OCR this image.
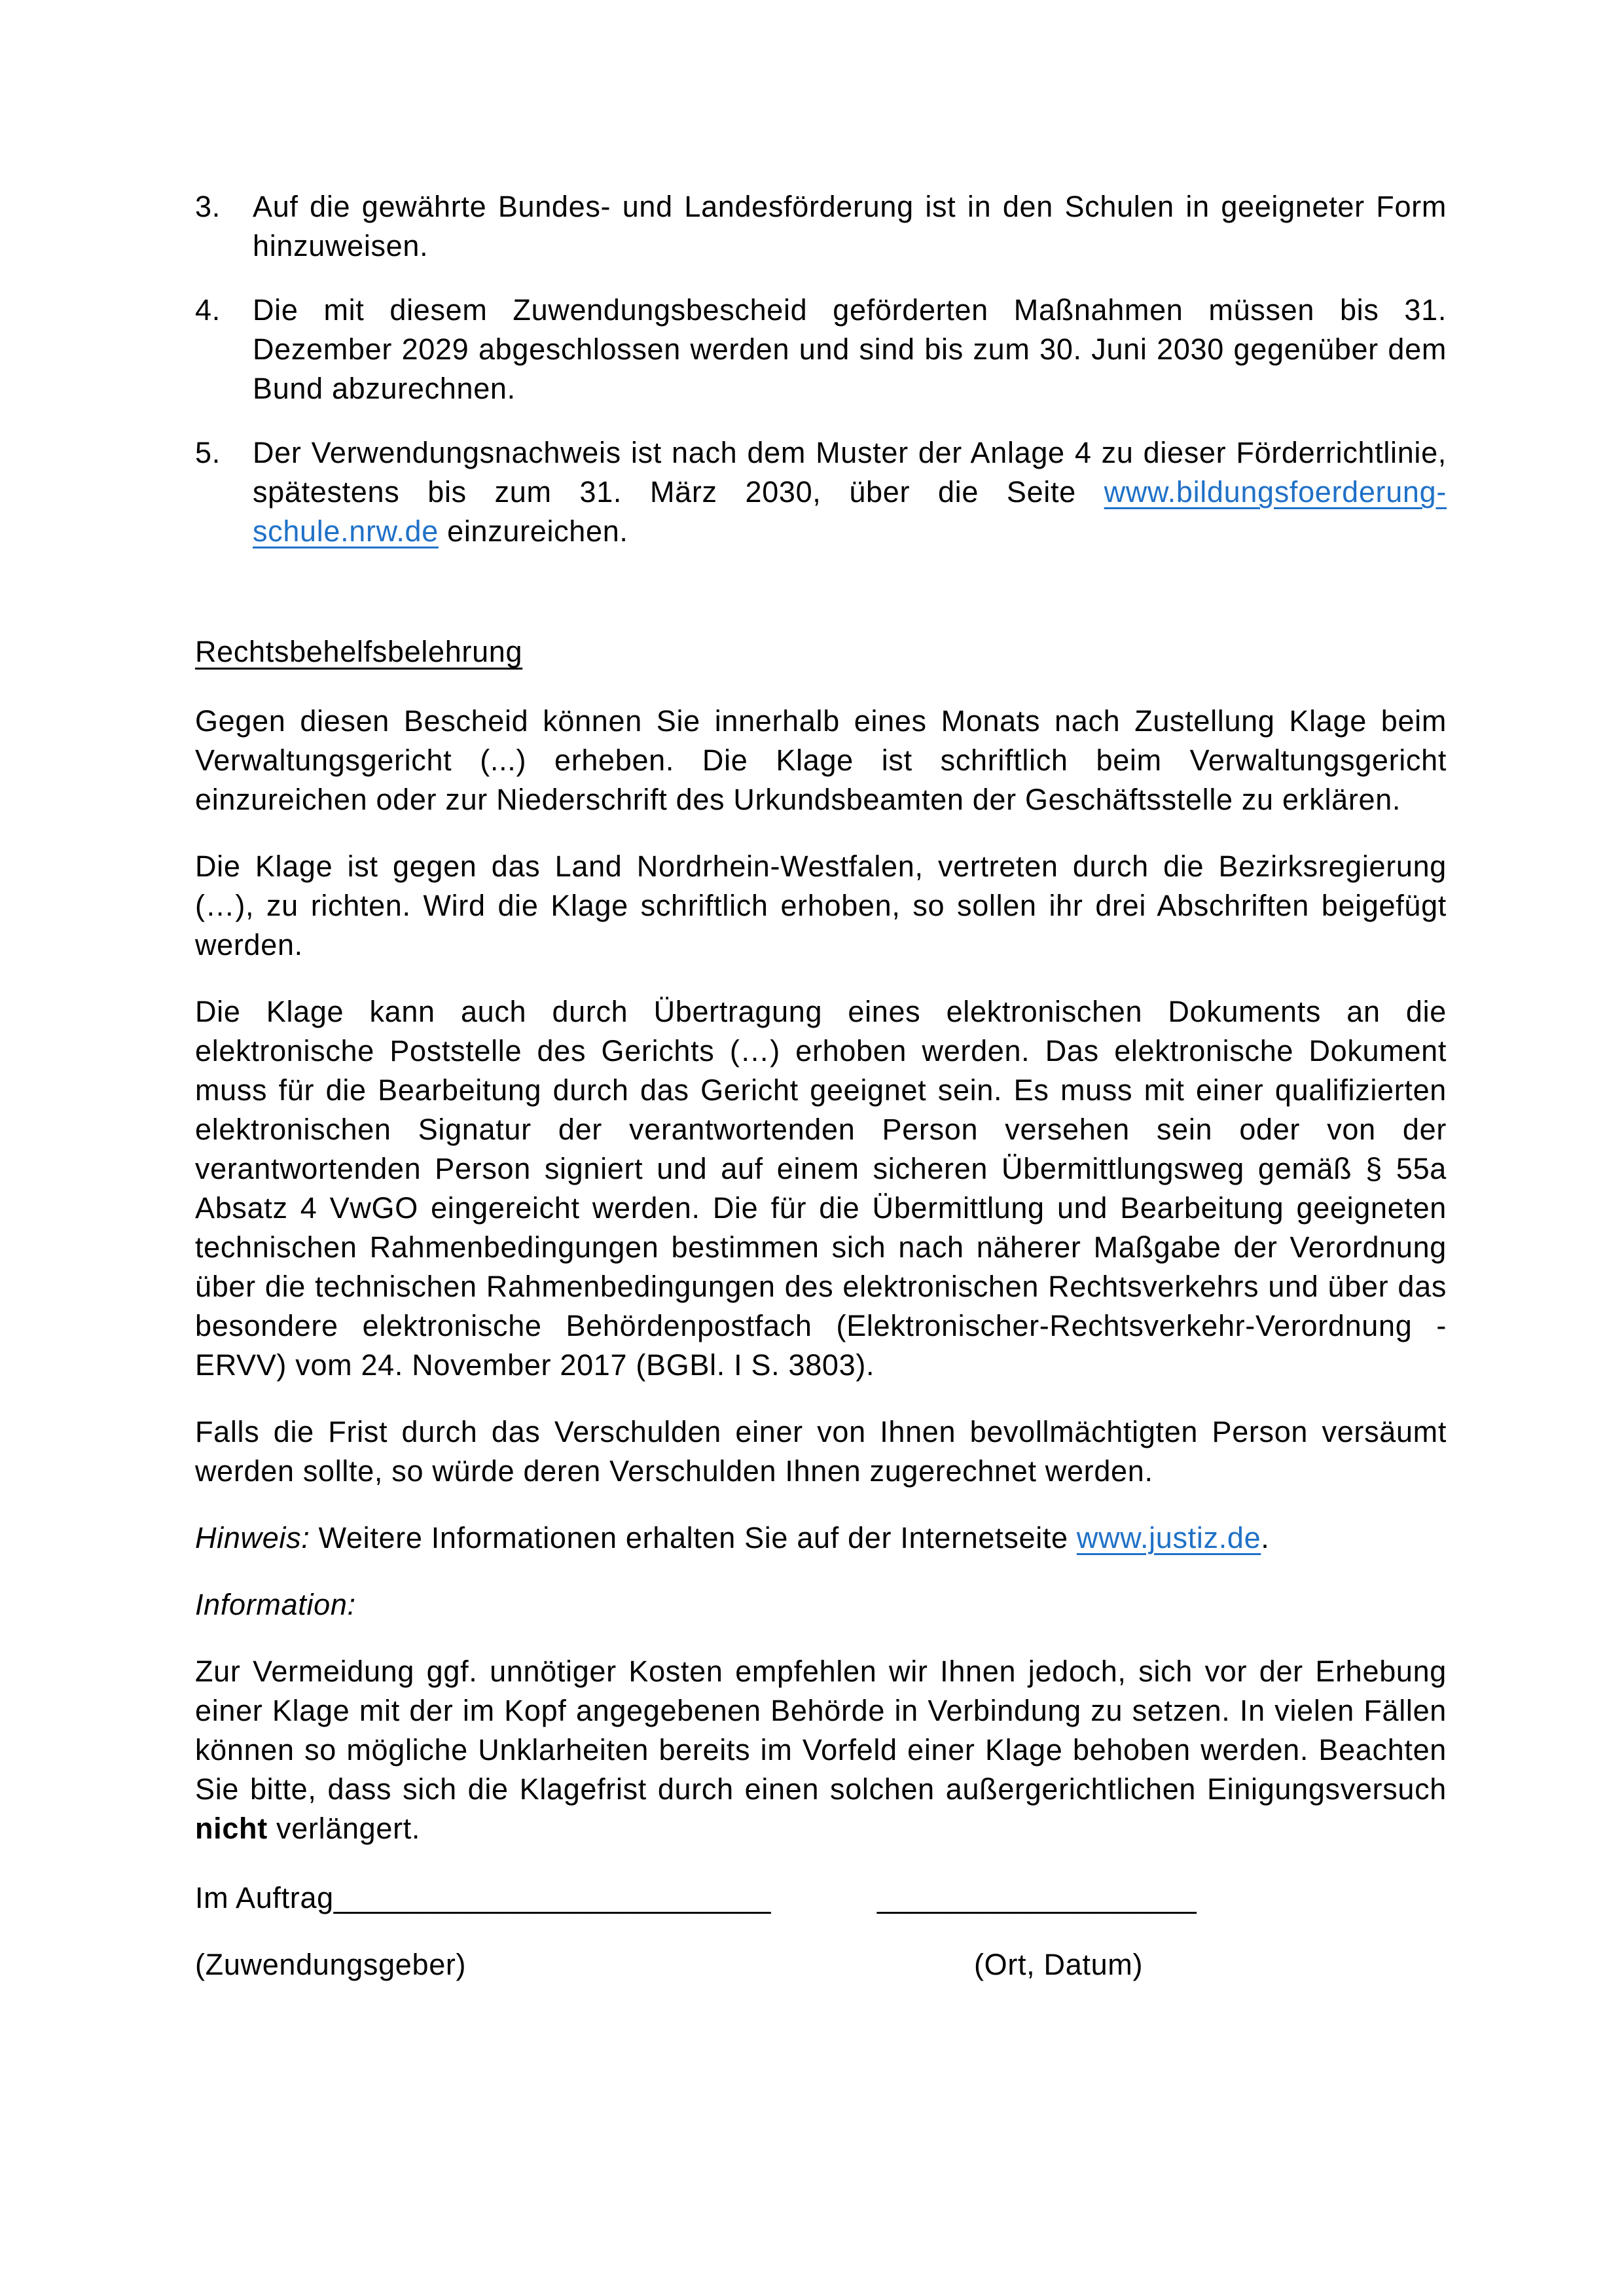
3.	Auf die gewährte Bundes- und Landesförderung ist in den Schulen in geeigneter Form hinzuweisen.
4.	Die mit diesem Zuwendungsbescheid geförderten Maßnahmen müssen bis 31. Dezember 2029 abgeschlossen werden und sind bis zum 30. Juni 2030 gegenüber dem Bund abzurechnen.
5.	Der Verwendungsnachweis ist nach dem Muster der Anlage 4 zu dieser Förderrichtlinie, spätestens bis zum 31. März 2030, über die Seite www.bildungsfoerderung-schule.nrw.de einzureichen.
Rechtsbehelfsbelehrung

Gegen diesen Bescheid können Sie innerhalb eines Monats nach Zustellung Klage beim Verwaltungsgericht (...) erheben. Die Klage ist schriftlich beim Verwaltungsgericht einzureichen oder zur Niederschrift des Urkundsbeamten der Geschäftsstelle zu erklären.

Die Klage ist gegen das Land Nordrhein-Westfalen, vertreten durch die Bezirksregierung (…), zu richten. Wird die Klage schriftlich erhoben, so sollen ihr drei Abschriften beigefügt werden.

Die Klage kann auch durch Übertragung eines elektronischen Dokuments an die elektronische Poststelle des Gerichts (…) erhoben werden. Das elektronische Dokument muss für die Bearbeitung durch das Gericht geeignet sein. Es muss mit einer qualifizierten elektronischen Signatur der verantwortenden Person versehen sein oder von der verantwortenden Person signiert und auf einem sicheren Übermittlungsweg gemäß § 55a Absatz 4 VwGO eingereicht werden. Die für die Übermittlung und Bearbeitung geeigneten technischen Rahmenbedingungen bestimmen sich nach näherer Maßgabe der Verordnung über die technischen Rahmenbedingungen des elektronischen Rechtsverkehrs und über das besondere elektronische Behördenpostfach (Elektronischer-Rechtsverkehr-Verordnung -ERVV) vom 24. November 2017 (BGBl. I S. 3803).

Falls die Frist durch das Verschulden einer von Ihnen bevollmächtigten Person versäumt werden sollte, so würde deren Verschulden Ihnen zugerechnet werden.

Hinweis: Weitere Informationen erhalten Sie auf der Internetseite www.justiz.de.

Information:

Zur Vermeidung ggf. unnötiger Kosten empfehlen wir Ihnen jedoch, sich vor der Erhebung einer Klage mit der im Kopf angegebenen Behörde in Verbindung zu setzen. In vielen Fällen können so mögliche Unklarheiten bereits im Vorfeld einer Klage behoben werden. Beachten Sie bitte, dass sich die Klagefrist durch einen solchen außergerichtlichen Einigungsversuch nicht verlängert.

Im Auftrag__________________________	___________________
(Zuwendungsgeber)	(Ort, Datum)
